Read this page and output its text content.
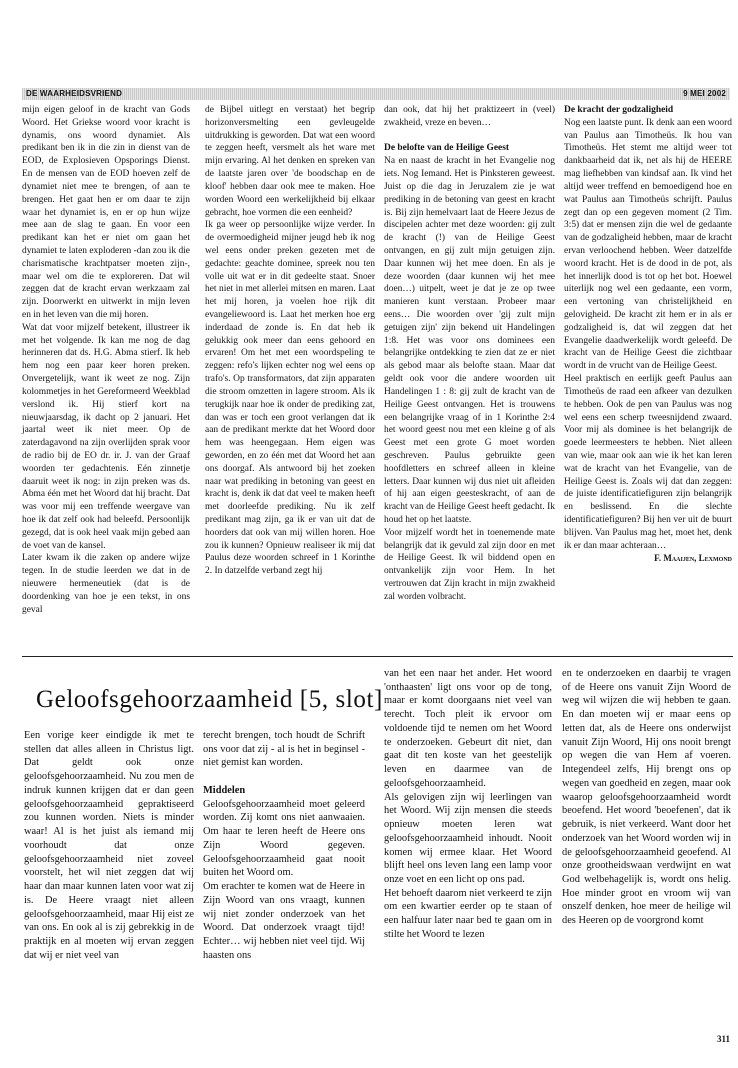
DE WAARHEIDSVRIEND	9 MEI 2002

mijn eigen geloof in de kracht van Gods Woord. Het Griekse woord voor kracht is dynamis, ons woord dynamiet. Als predikant ben ik in die zin in dienst van de EOD, de Explosieven Opsporings Dienst. En de mensen van de EOD hoeven zelf de dynamiet niet mee te brengen, of aan te brengen. Het gaat hen er om daar te zijn waar het dynamiet is, en er op hun wijze mee aan de slag te gaan. En voor een predikant kan het er niet om gaan het dynamiet te laten exploderen -dan zou ik die charismatische krachtpatser moeten zijn-, maar wel om die te exploreren. Dat wil zeggen dat de kracht ervan werkzaam zal zijn. Doorwerkt en uitwerkt in mijn leven en in het leven van die mij horen.

Wat dat voor mijzelf betekent, illustreer ik met het volgende. Ik kan me nog de dag herinneren dat ds. H.G. Abma stierf. Ik heb hem nog een paar keer horen preken. Onvergetelijk, want ik weet ze nog. Zijn kolommetjes in het Gereformeerd Weekblad verslond ik. Hij stierf kort na nieuwjaarsdag, ik dacht op 2 januari. Het jaartal weet ik niet meer. Op de zaterdagavond na zijn overlijden sprak voor de radio bij de EO dr. ir. J. van der Graaf woorden ter gedachtenis. Eén zinnetje daaruit weet ik nog: in zijn preken was ds. Abma één met het Woord dat hij bracht. Dat was voor mij een treffende weergave van hoe ik dat zelf ook had beleefd. Persoonlijk gezegd, dat is ook heel vaak mijn gebed aan de voet van de kansel.

Later kwam ik die zaken op andere wijze tegen. In de studie leerden we dat in de nieuwere hermeneutiek (dat is de doordenking van hoe je een tekst, in ons geval

de Bijbel uitlegt en verstaat) het begrip horizonversmelting een gevleugelde uitdrukking is geworden. Dat wat een woord te zeggen heeft, versmelt als het ware met mijn ervaring. Al het denken en spreken van de laatste jaren over 'de boodschap en de kloof' hebben daar ook mee te maken. Hoe worden Woord een werkelijkheid bij elkaar gebracht, hoe vormen die een eenheid?

Ik ga weer op persoonlijke wijze verder. In de overmoedigheid mijner jeugd heb ik nog wel eens onder preken gezeten met de gedachte: geachte dominee, spreek nou ten volle uit wat er in dit gedeelte staat. Snoer het niet in met allerlei mitsen en maren. Laat het mij horen, ja voelen hoe rijk dit evangeliewoord is. Laat het merken hoe erg inderdaad de zonde is. En dat heb ik gelukkig ook meer dan eens gehoord en ervaren! Om het met een woordspeling te zeggen: refo's lijken echter nog wel eens op trafo's. Op transformators, dat zijn apparaten die stroom omzetten in lagere stroom. Als ik terugkijk naar hoe ik onder de prediking zat, dan was er toch een groot verlangen dat ik aan de predikant merkte dat het Woord door hem was heengegaan. Hem eigen was geworden, en zo één met dat Woord het aan ons doorgaf. Als antwoord bij het zoeken naar wat prediking in betoning van geest en kracht is, denk ik dat dat veel te maken heeft met doorleefde prediking. Nu ik zelf predikant mag zijn, ga ik er van uit dat de hoorders dat ook van mij willen horen. Hoe zou ik kunnen? Opnieuw realiseer ik mij dat Paulus deze woorden schreef in 1 Korinthe 2. In datzelfde verband zegt hij

dan ook, dat hij het praktizeert in (veel) zwakheid, vreze en beven…

De belofte van de Heilige Geest

Na en naast de kracht in het Evangelie nog iets. Nog Iemand. Het is Pinksteren geweest. Juist op die dag in Jeruzalem zie je wat prediking in de betoning van geest en kracht is. Bij zijn hemelvaart laat de Heere Jezus de discipelen achter met deze woorden: gij zult de kracht (!) van de Heilige Geest ontvangen, en gij zult mijn getuigen zijn. Daar kunnen wij het mee doen. En als je deze woorden (daar kunnen wij het mee doen…) uitpelt, weet je dat je ze op twee manieren kunt verstaan. Probeer maar eens… Die woorden over 'gij zult mijn getuigen zijn' zijn bekend uit Handelingen 1:8. Het was voor ons dominees een belangrijke ontdekking te zien dat ze er niet als gebod maar als belofte staan. Maar dat geldt ook voor die andere woorden uit Handelingen 1 : 8: gij zult de kracht van de Heilige Geest ontvangen. Het is trouwens een belangrijke vraag of in 1 Korinthe 2:4 het woord geest nou met een kleine g of als Geest met een grote G moet worden geschreven. Paulus gebruikte geen hoofdletters en schreef alleen in kleine letters. Daar kunnen wij dus niet uit afleiden of hij aan eigen geesteskracht, of aan de kracht van de Heilige Geest heeft gedacht. Ik houd het op het laatste.

Voor mijzelf wordt het in toenemende mate belangrijk dat ik gevuld zal zijn door en met de Heilige Geest. Ik wil biddend open en ontvankelijk zijn voor Hem. In het vertrouwen dat Zijn kracht in mijn zwakheid zal worden volbracht.

De kracht der godzaligheid

Nog een laatste punt. Ik denk aan een woord van Paulus aan Timotheüs. Ik hou van Timotheüs. Het stemt me altijd weer tot dankbaarheid dat ik, net als hij de HEERE mag liefhebben van kindsaf aan. Ik vind het altijd weer treffend en bemoedigend hoe en wat Paulus aan Timotheüs schrijft. Paulus zegt dan op een gegeven moment (2 Tim. 3:5) dat er mensen zijn die wel de gedaante van de godzaligheid hebben, maar de kracht ervan verloochend hebben. Weer datzelfde woord kracht. Het is de dood in de pot, als het innerlijk dood is tot op het bot. Hoewel uiterlijk nog wel een gedaante, een vorm, een vertoning van christelijkheid en gelovigheid. De kracht zit hem er in als er godzaligheid is, dat wil zeggen dat het Evangelie daadwerkelijk wordt geleefd. De kracht van de Heilige Geest die zichtbaar wordt in de vrucht van de Heilige Geest.

Heel praktisch en eerlijk geeft Paulus aan Timotheüs de raad een afkeer van dezulken te hebben. Ook de pen van Paulus was nog wel eens een scherp tweesnijdend zwaard. Voor mij als dominee is het belangrijk de goede leermeesters te hebben. Niet alleen van wie, maar ook aan wie ik het kan leren wat de kracht van het Evangelie, van de Heilige Geest is. Zoals wij dat dan zeggen: de juiste identificatiefiguren zijn belangrijk en beslissend. En die slechte identificatiefiguren? Bij hen ver uit de buurt blijven. Van Paulus mag het, moet het, denk ik er dan maar achteraan…

F. Maaijen, Lexmond

Geloofsgehoorzaamheid [5, slot]

Een vorige keer eindigde ik met te stellen dat alles alleen in Christus ligt. Dat geldt ook onze geloofsgehoorzaamheid. Nu zou men de indruk kunnen krijgen dat er dan geen geloofsgehoorzaamheid gepraktiseerd zou kunnen worden. Niets is minder waar! Al is het juist als iemand mij voorhoudt dat onze geloofsgehoorzaamheid niet zoveel voorstelt, het wil niet zeggen dat wij haar dan maar kunnen laten voor wat zij is. De Heere vraagt niet alleen geloofsgehoorzaamheid, maar Hij eist ze van ons. En ook al is zij gebrekkig in de praktijk en al moeten wij ervan zeggen dat wij er niet veel van

terecht brengen, toch houdt de Schrift ons voor dat zij - al is het in beginsel - niet gemist kan worden.

Middelen

Geloofsgehoorzaamheid moet geleerd worden. Zij komt ons niet aanwaaien. Om haar te leren heeft de Heere ons Zijn Woord gegeven. Geloofsgehoorzaamheid gaat nooit buiten het Woord om.

Om erachter te komen wat de Heere in Zijn Woord van ons vraagt, kunnen wij niet zonder onderzoek van het Woord. Dat onderzoek vraagt tijd! Echter… wij hebben niet veel tijd. Wij haasten ons

van het een naar het ander. Het woord 'onthaasten' ligt ons voor op de tong, maar er komt doorgaans niet veel van terecht. Toch pleit ik ervoor om voldoende tijd te nemen om het Woord te onderzoeken. Gebeurt dit niet, dan gaat dit ten koste van het geestelijk leven en daarmee van de geloofsgehoorzaamheid.

Als gelovigen zijn wij leerlingen van het Woord. Wij zijn mensen die steeds opnieuw moeten leren wat geloofsgehoorzaamheid inhoudt. Nooit komen wij ermee klaar. Het Woord blijft heel ons leven lang een lamp voor onze voet en een licht op ons pad.

Het behoeft daarom niet verkeerd te zijn om een kwartier eerder op te staan of een halfuur later naar bed te gaan om in stilte het Woord te lezen

en te onderzoeken en daarbij te vragen of de Heere ons vanuit Zijn Woord de weg wil wijzen die wij hebben te gaan. En dan moeten wij er maar eens op letten dat, als de Heere ons onderwijst vanuit Zijn Woord, Hij ons nooit brengt op wegen die van Hem af voeren. Integendeel zelfs, Hij brengt ons op wegen van goedheid en zegen, maar ook waarop geloofsgehoorzaamheid wordt beoefend. Het woord 'beoefenen', dat ik gebruik, is niet verkeerd. Want door het onderzoek van het Woord worden wij in de geloofsgehoorzaamheid geoefend. Al onze grootheidswaan verdwijnt en wat God welbehagelijk is, wordt ons helig. Hoe minder groot en vroom wij van onszelf denken, hoe meer de heilige wil des Heeren op de voorgrond komt

311
